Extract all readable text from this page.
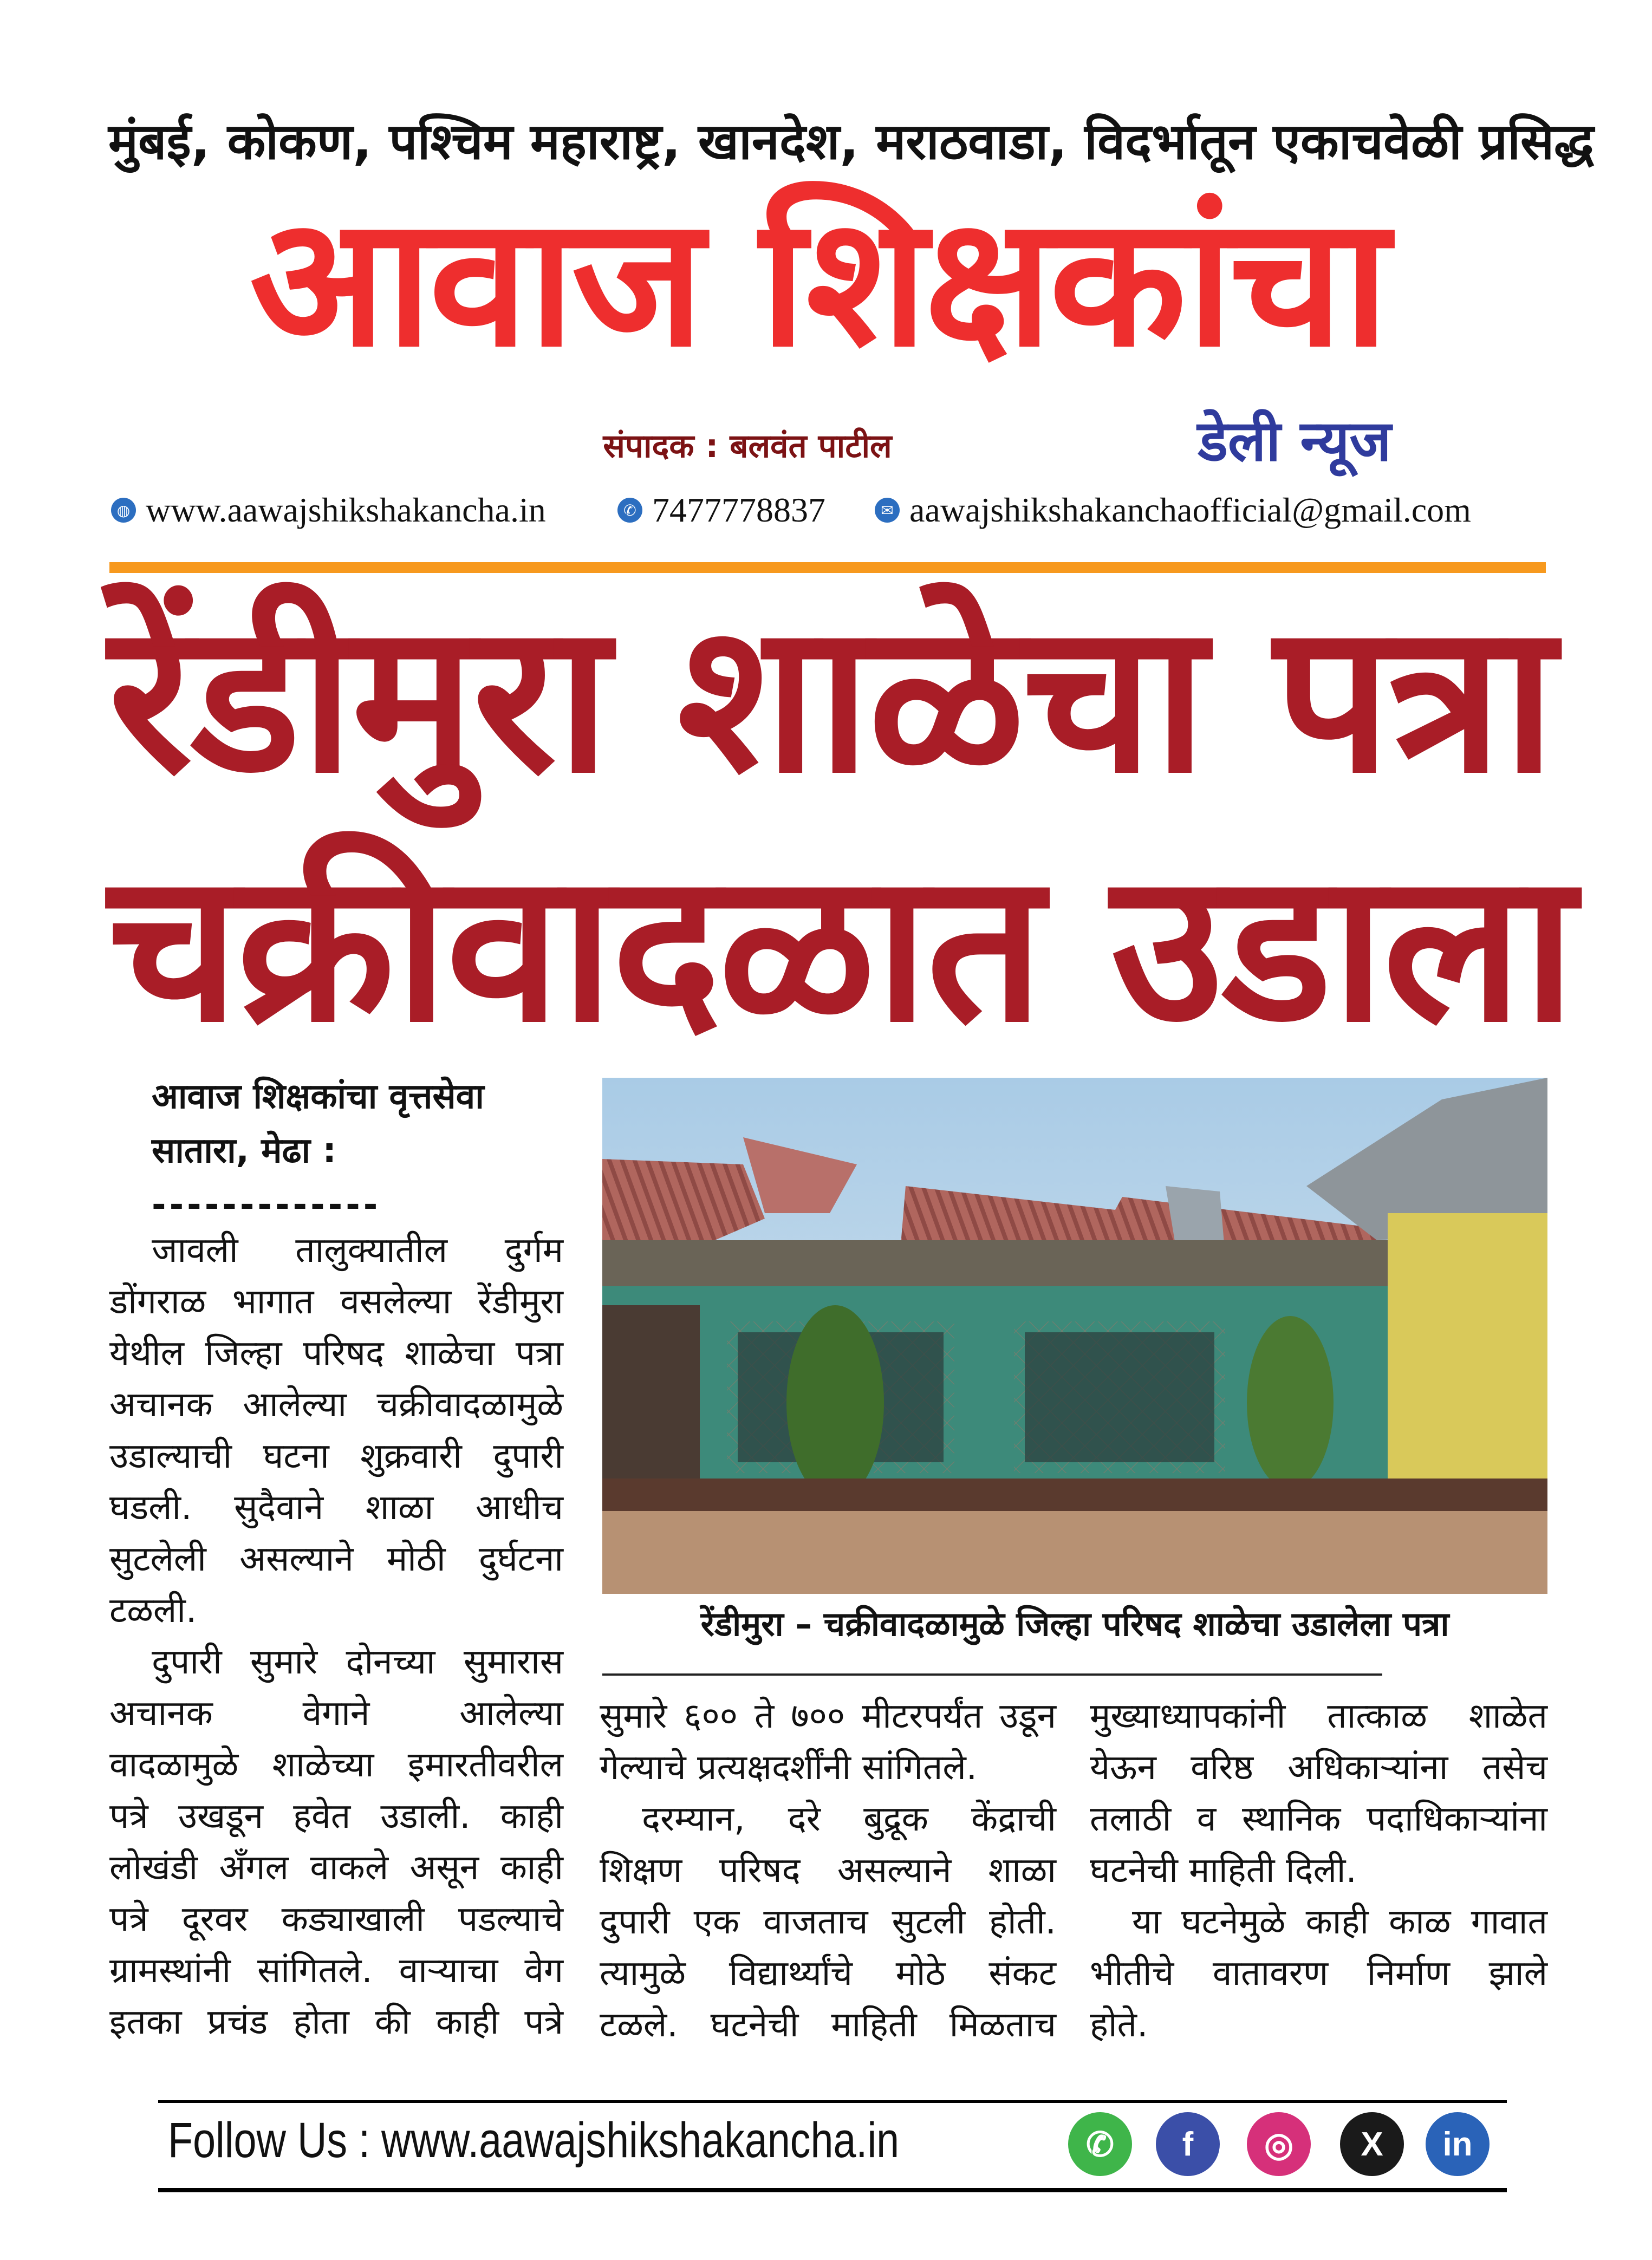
मुंबई, कोकण, पश्चिम महाराष्ट्र, खानदेश, मराठवाडा, विदर्भातून एकाचवेळी प्रसिद्ध
आवाज शिक्षकांचा
संपादक : बलवंत पाटील	डेली न्यूज
◍ www.aawajshikshakancha.in	✆ 7477778837	✉ aawajshikshakanchaofficial@gmail.com
रेंडीमुरा शाळेचा पत्रा
चक्रीवादळात उडाला
आवाज शिक्षकांचा वृत्तसेवा
सातारा, मेढा :
-------------
जावली तालुक्यातील दुर्गम
डोंगराळ भागात वसलेल्या रेंडीमुरा
येथील जिल्हा परिषद शाळेचा पत्रा
अचानक आलेल्या चक्रीवादळामुळे
उडाल्याची घटना शुक्रवारी दुपारी
घडली. सुदैवाने शाळा आधीच
सुटलेली असल्याने मोठी दुर्घटना
टळली.
दुपारी सुमारे दोनच्या सुमारास
अचानक वेगाने आलेल्या
वादळामुळे शाळेच्या इमारतीवरील
पत्रे उखडून हवेत उडाली. काही
लोखंडी अँगल वाकले असून काही
पत्रे दूरवर कड्याखाली पडल्याचे
ग्रामस्थांनी सांगितले. वाऱ्याचा वेग
इतका प्रचंड होता की काही पत्रे
सुमारे ६०० ते ७०० मीटरपर्यंत उडून
गेल्याचे प्रत्यक्षदर्शींनी सांगितले.
दरम्यान, दरे बुद्रूक केंद्राची
शिक्षण परिषद असल्याने शाळा
दुपारी एक वाजताच सुटली होती.
त्यामुळे विद्यार्थ्यांचे मोठे संकट
टळले. घटनेची माहिती मिळताच
मुख्याध्यापकांनी तात्काळ शाळेत
येऊन वरिष्ठ अधिकाऱ्यांना तसेच
तलाठी व स्थानिक पदाधिकाऱ्यांना
घटनेची माहिती दिली.
या घटनेमुळे काही काळ गावात
भीतीचे वातावरण निर्माण झाले
होते.
रेंडीमुरा – चक्रीवादळामुळे जिल्हा परिषद शाळेचा उडालेला पत्रा
Follow Us : www.aawajshikshakancha.in	✆	f	◎	X	in
